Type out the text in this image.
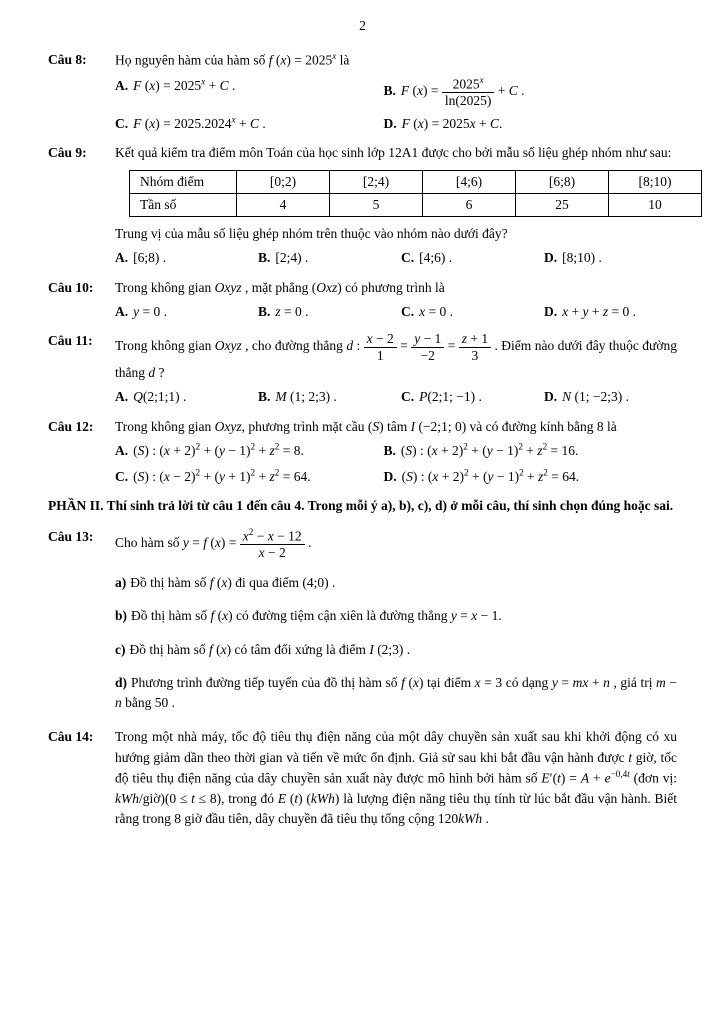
2
Câu 8:	Họ nguyên hàm của hàm số f $(x) = 2025^x$ là
A. F $(x) = 2025^x + C$ .	B. F $(x) = \frac{2025^x}{\ln(2025)} + C$ .
C. F $(x) = 2025.2024^x + C$ .	D. F (x) = 2025x + C.
Câu 9:	Kết quả kiểm tra điểm môn Toán của học sinh lớp 12A1 được cho bởi mẫu số liệu ghép nhóm như sau:
Nhóm điểm	[0;2)	[2;4)	[4;6)	[6;8)	[8;10)
Tần số	4	5	6	25	10
Trung vị của mẫu số liệu ghép nhóm trên thuộc vào nhóm nào dưới đây?
A. [6;8) .	B. [2;4) .	C. [4;6) .	D. [8;10) .
Câu 10:	Trong không gian Oxyz , mặt phẳng (Oxz) có phương trình là
A. y = 0 .	B. z = 0 .	C. x = 0 .	D. x + y + z = 0 .
Câu 11:	Trong không gian Oxyz , cho đường thẳng d : $\frac{x - 2}{1} = \frac{y - 1}{-2} = \frac{z + 1}{3}$ . Điểm nào dưới đây thuộc đường thẳng d ?
A. Q(2;1;1) .	B. M (1; 2;3) .	C. P(2;1; −1) .	D. N (1; −2;3) .
Câu 12:	Trong không gian Oxyz, phương trình mặt cầu (S) tâm I (−2;1; 0) và có đường kính bằng 8 là
A. (S) : $(x + 2)^2 + (y - 1)^2 + z^2 = 8$.	B. (S) : $(x + 2)^2 + (y - 1)^2 + z^2 = 16$.
C. (S) : $(x - 2)^2 + (y + 1)^2 + z^2 = 64$.	D. (S) : $(x + 2)^2 + (y - 1)^2 + z^2 = 64$.
PHẦN II. Thí sinh trả lời từ câu 1 đến câu 4. Trong mỗi ý a), b), c), d) ở mỗi câu, thí sinh chọn đúng hoặc sai.
Câu 13:	Cho hàm số y = f $(x) = \frac{x^2 - x - 12}{x - 2}$ .
a) Đồ thị hàm số f (x) đi qua điểm (4;0) .
b) Đồ thị hàm số f (x) có đường tiệm cận xiên là đường thẳng y = x − 1.
c) Đồ thị hàm số f (x) có tâm đối xứng là điểm I (2;3) .
d) Phương trình đường tiếp tuyến của đồ thị hàm số f (x) tại điểm x = 3 có dạng y = mx + n , giá trị m − n bằng 50 .
Câu 14:	Trong một nhà máy, tốc độ tiêu thụ điện năng của một dây chuyền sản xuất sau khi khởi động có xu hướng giảm dần theo thời gian và tiến về mức ổn định. Giả sử sau khi bắt đầu vận hành được t giờ, tốc độ tiêu thụ điện năng của dây chuyền sản xuất này được mô hình bởi hàm số $E'(t) = A + e^{-0,4t}$ (đơn vị: kWh/giờ)(0 ≤ t ≤ 8), trong đó E (t) (kWh) là lượng điện năng tiêu thụ tính từ lúc bắt đầu vận hành. Biết rằng trong 8 giờ đầu tiên, dây chuyền đã tiêu thụ tổng cộng 120kWh .
